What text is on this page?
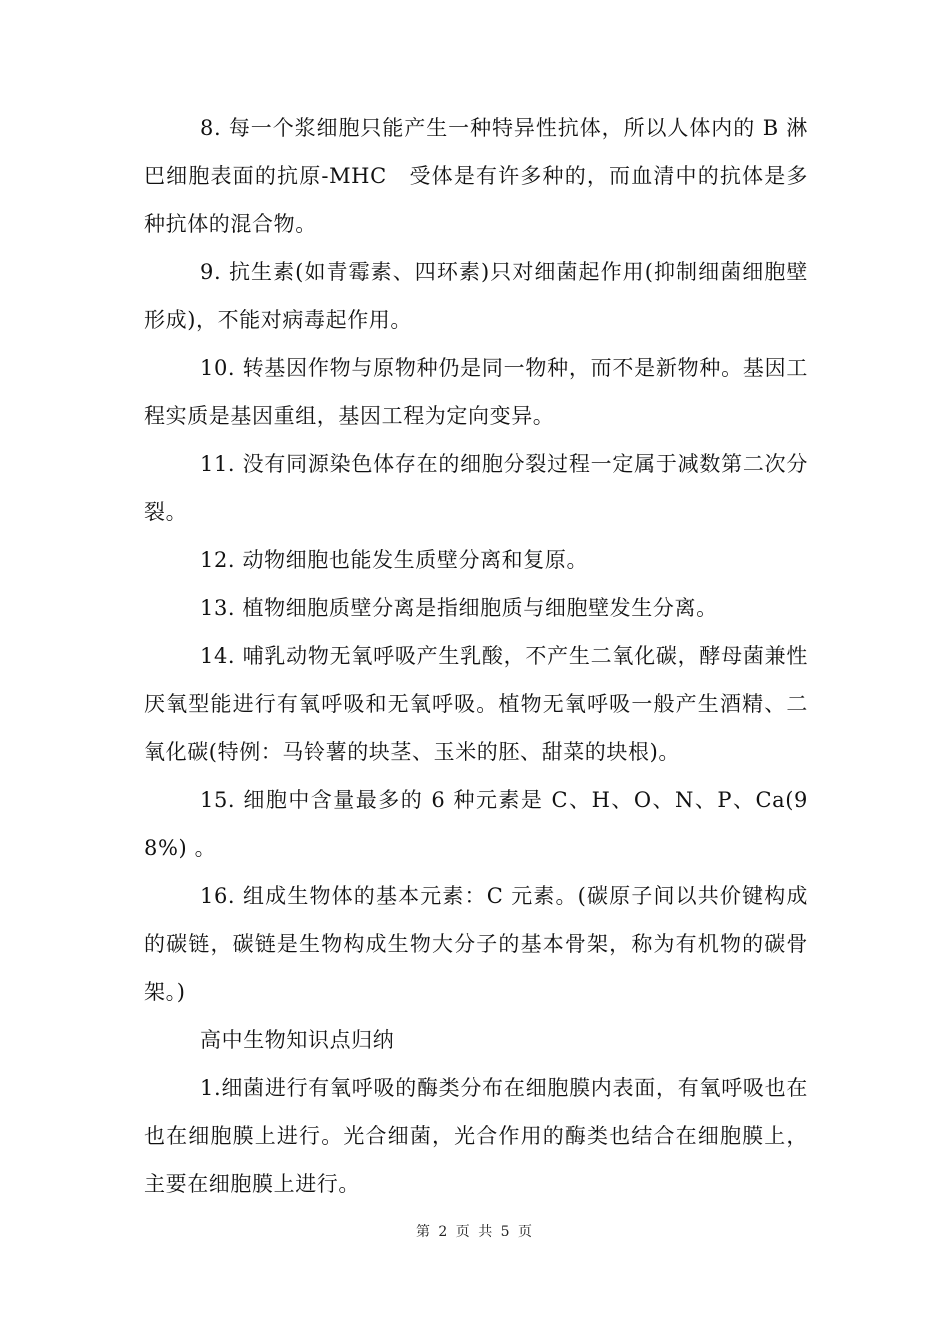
8. 每一个浆细胞只能产生一种特异性抗体，所以人体内的 B 淋巴细胞表面的抗原-MHC　受体是有许多种的，而血清中的抗体是多种抗体的混合物。

9. 抗生素(如青霉素、四环素)只对细菌起作用(抑制细菌细胞壁形成)，不能对病毒起作用。

10. 转基因作物与原物种仍是同一物种，而不是新物种。基因工程实质是基因重组，基因工程为定向变异。

11. 没有同源染色体存在的细胞分裂过程一定属于减数第二次分裂。

12. 动物细胞也能发生质壁分离和复原。

13. 植物细胞质壁分离是指细胞质与细胞壁发生分离。

14. 哺乳动物无氧呼吸产生乳酸，不产生二氧化碳，酵母菌兼性厌氧型能进行有氧呼吸和无氧呼吸。植物无氧呼吸一般产生酒精、二氧化碳(特例：马铃薯的块茎、玉米的胚、甜菜的块根)。

15. 细胞中含量最多的 6 种元素是 C、H、O、N、P、Ca(98%) 。

16. 组成生物体的基本元素：C 元素。(碳原子间以共价键构成的碳链，碳链是生物构成生物大分子的基本骨架，称为有机物的碳骨架。)

高中生物知识点归纳

1.细菌进行有氧呼吸的酶类分布在细胞膜内表面，有氧呼吸也在也在细胞膜上进行。光合细菌，光合作用的酶类也结合在细胞膜上，主要在细胞膜上进行。

第 2 页 共 5 页
